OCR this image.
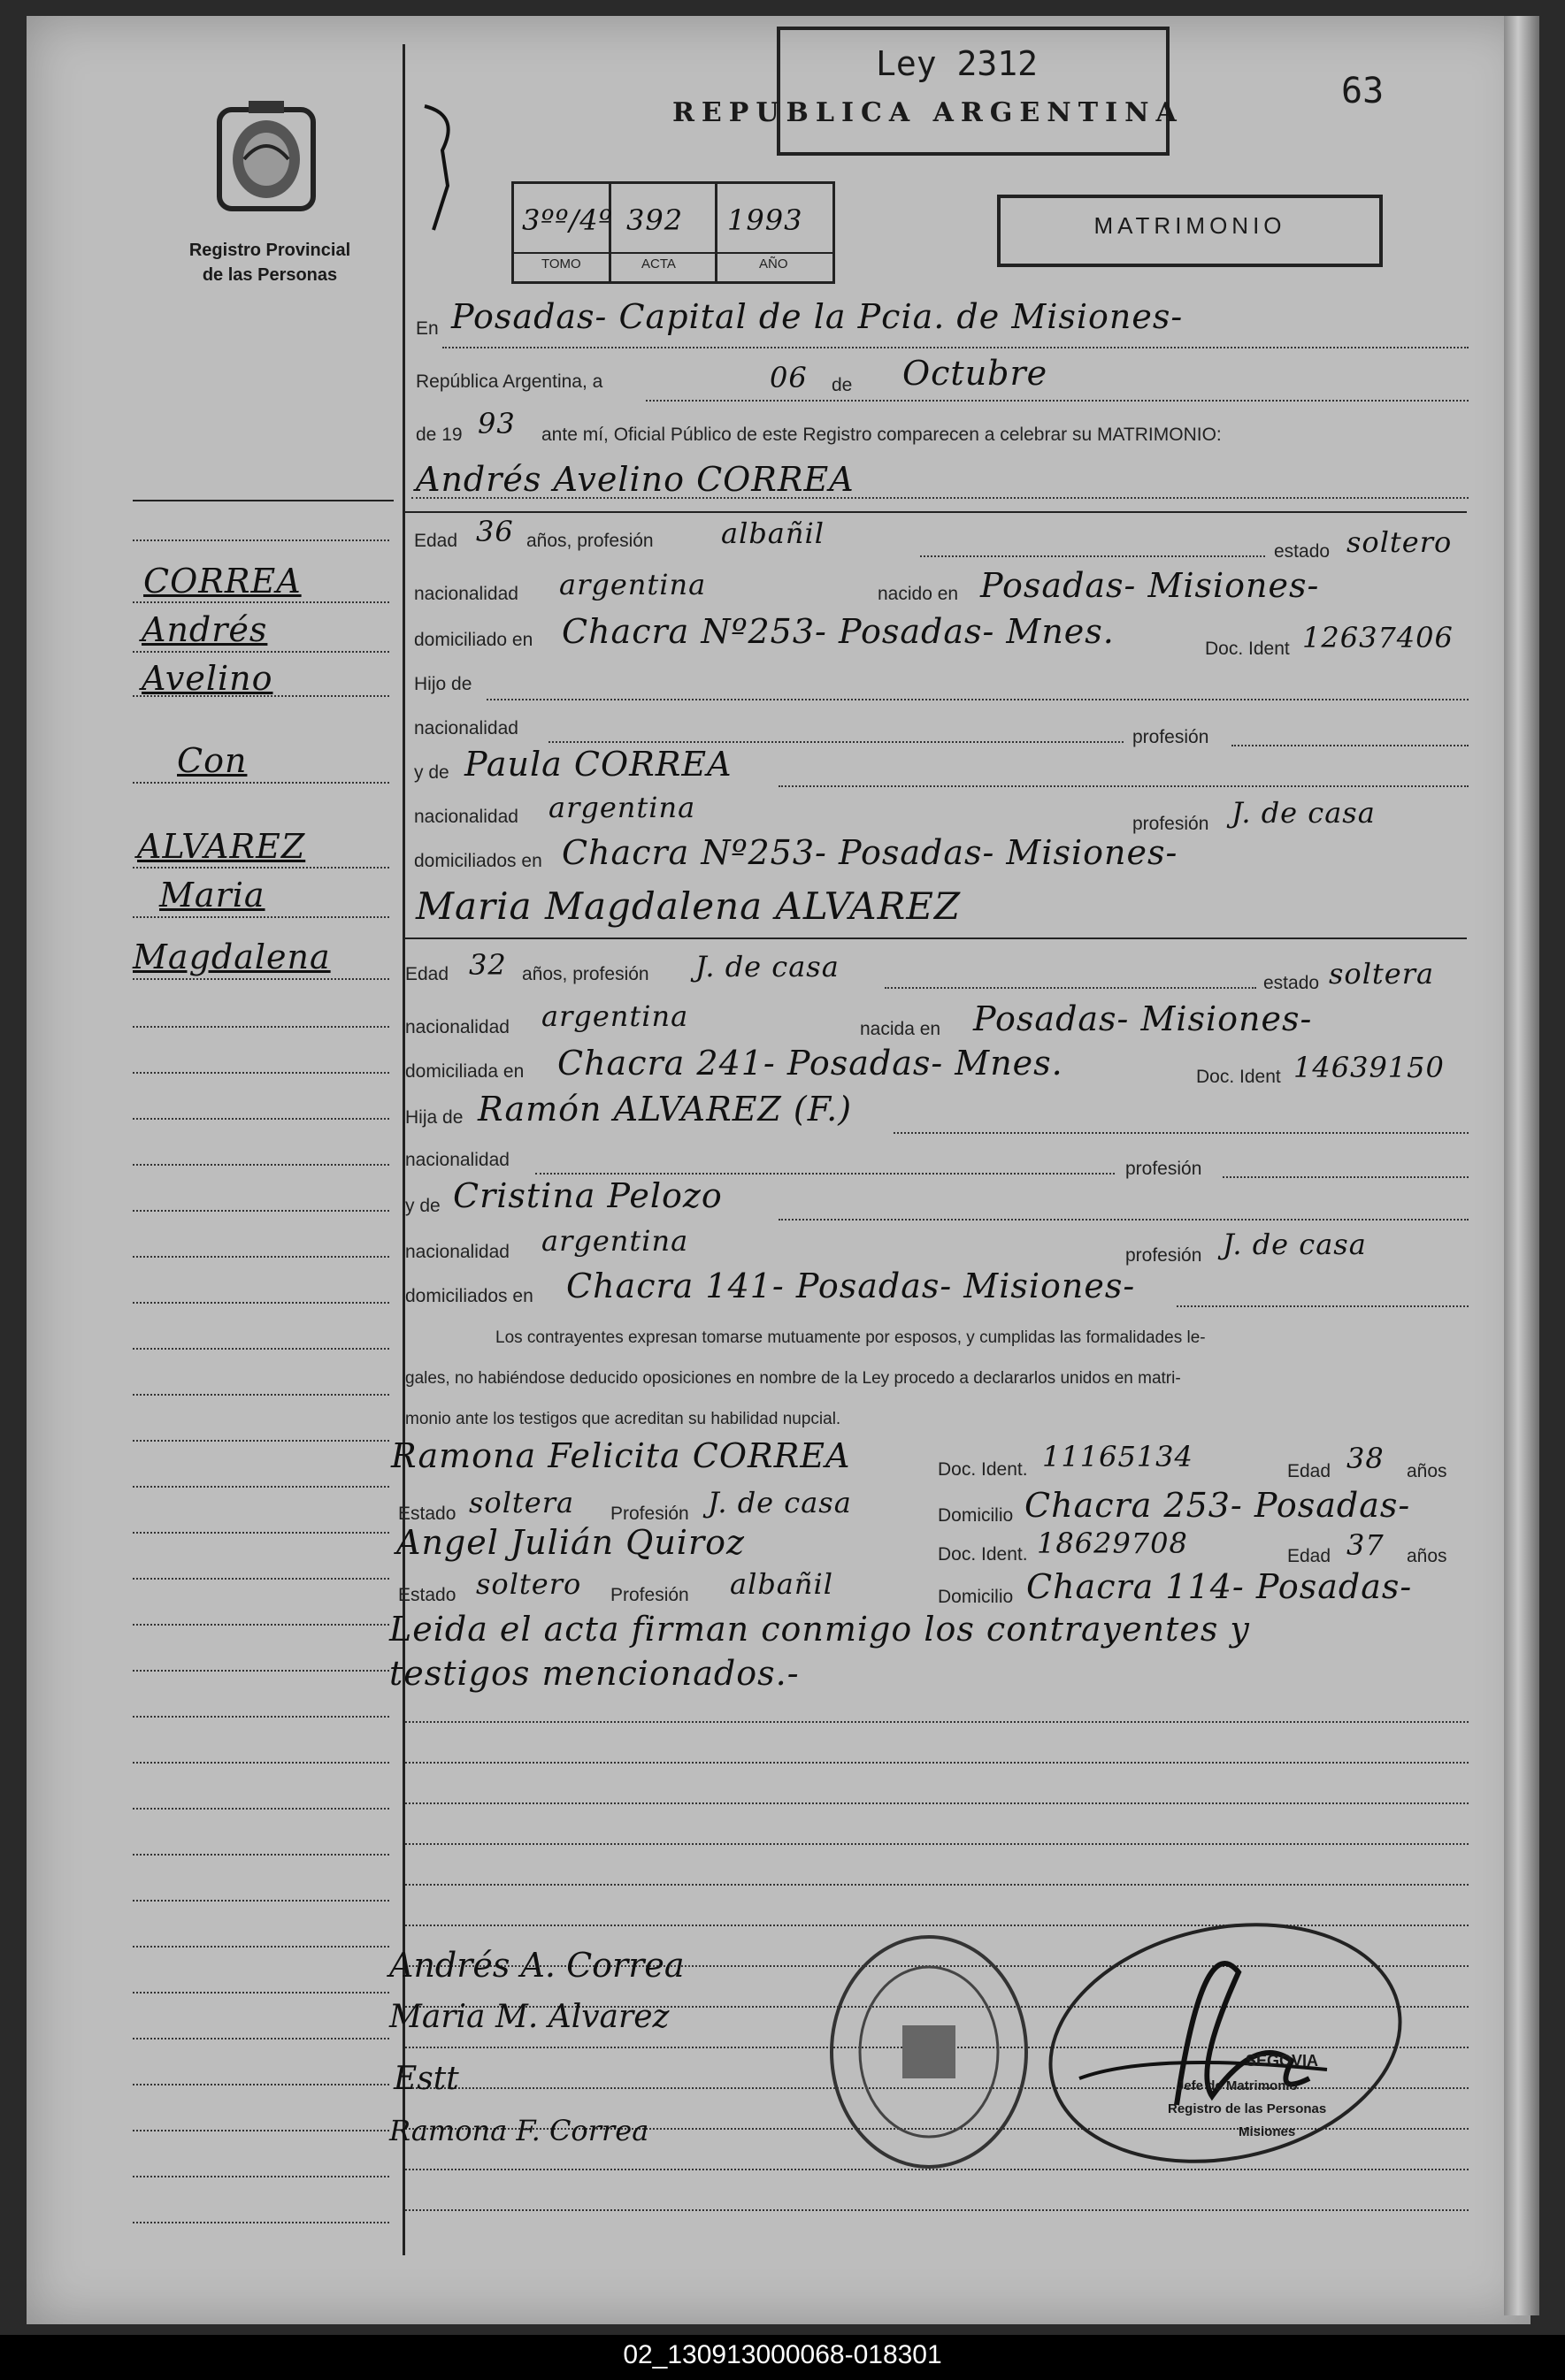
Ley 2312
REPUBLICA ARGENTINA
63
Registro Provincial
de las Personas
3ºº/4º 392 1993
TOMO	ACTA	AÑO
MATRIMONIO
En Posadas- Capital de la Pcia. de Misiones-
República Argentina, a	06 de Octubre
de 19 93 ante mí, Oficial Público de este Registro comparecen a celebrar su MATRIMONIO:
Andrés Avelino CORREA
Edad 36 años, profesión albañil
estado soltero
nacionalidad argentina	nacido en Posadas- Misiones-
domiciliado en Chacra Nº253- Posadas- Mnes.	Doc. Ident 12637406
Hijo de
nacionalidad	profesión
y de Paula CORREA
nacionalidad argentina	profesión J. de casa
domiciliados en Chacra Nº253- Posadas- Misiones-
Maria Magdalena ALVAREZ
Edad 32 años, profesión J. de casa	estado soltera
nacionalidad argentina	nacida en Posadas- Misiones-
domiciliada en Chacra 241- Posadas- Mnes.	Doc. Ident 14639150
Hija de Ramón ALVAREZ (F.)
nacionalidad	profesión
y de Cristina Pelozo
nacionalidad argentina	profesión J. de casa
domiciliados en Chacra 141- Posadas- Misiones-
Los contrayentes expresan tomarse mutuamente por esposos, y cumplidas las formalidades le-
gales, no habiéndose deducido oposiciones en nombre de la Ley procedo a declararlos unidos en matri-
monio ante los testigos que acreditan su habilidad nupcial.
Ramona Felicita CORREA	Doc. Ident. 11165134	Edad 38 años
Estado soltera Profesión J. de casa	Domicilio Chacra 253- Posadas-
Angel Julián Quiroz	Doc. Ident. 18629708	Edad 37 años
Estado soltero Profesión albañil	Domicilio Chacra 114- Posadas-
Leida el acta firman conmigo los contrayentes y
testigos mencionados.-
CORREA
Andrés
Avelino
Con
ALVAREZ
Maria
Magdalena
Andrés A. Correa
Maria M. Alvarez
Estt
Ramona F. Correa
SEGOVIA
Jefe de Matrimonio
Registro de las Personas
Misiones
02_130913000068-018301
